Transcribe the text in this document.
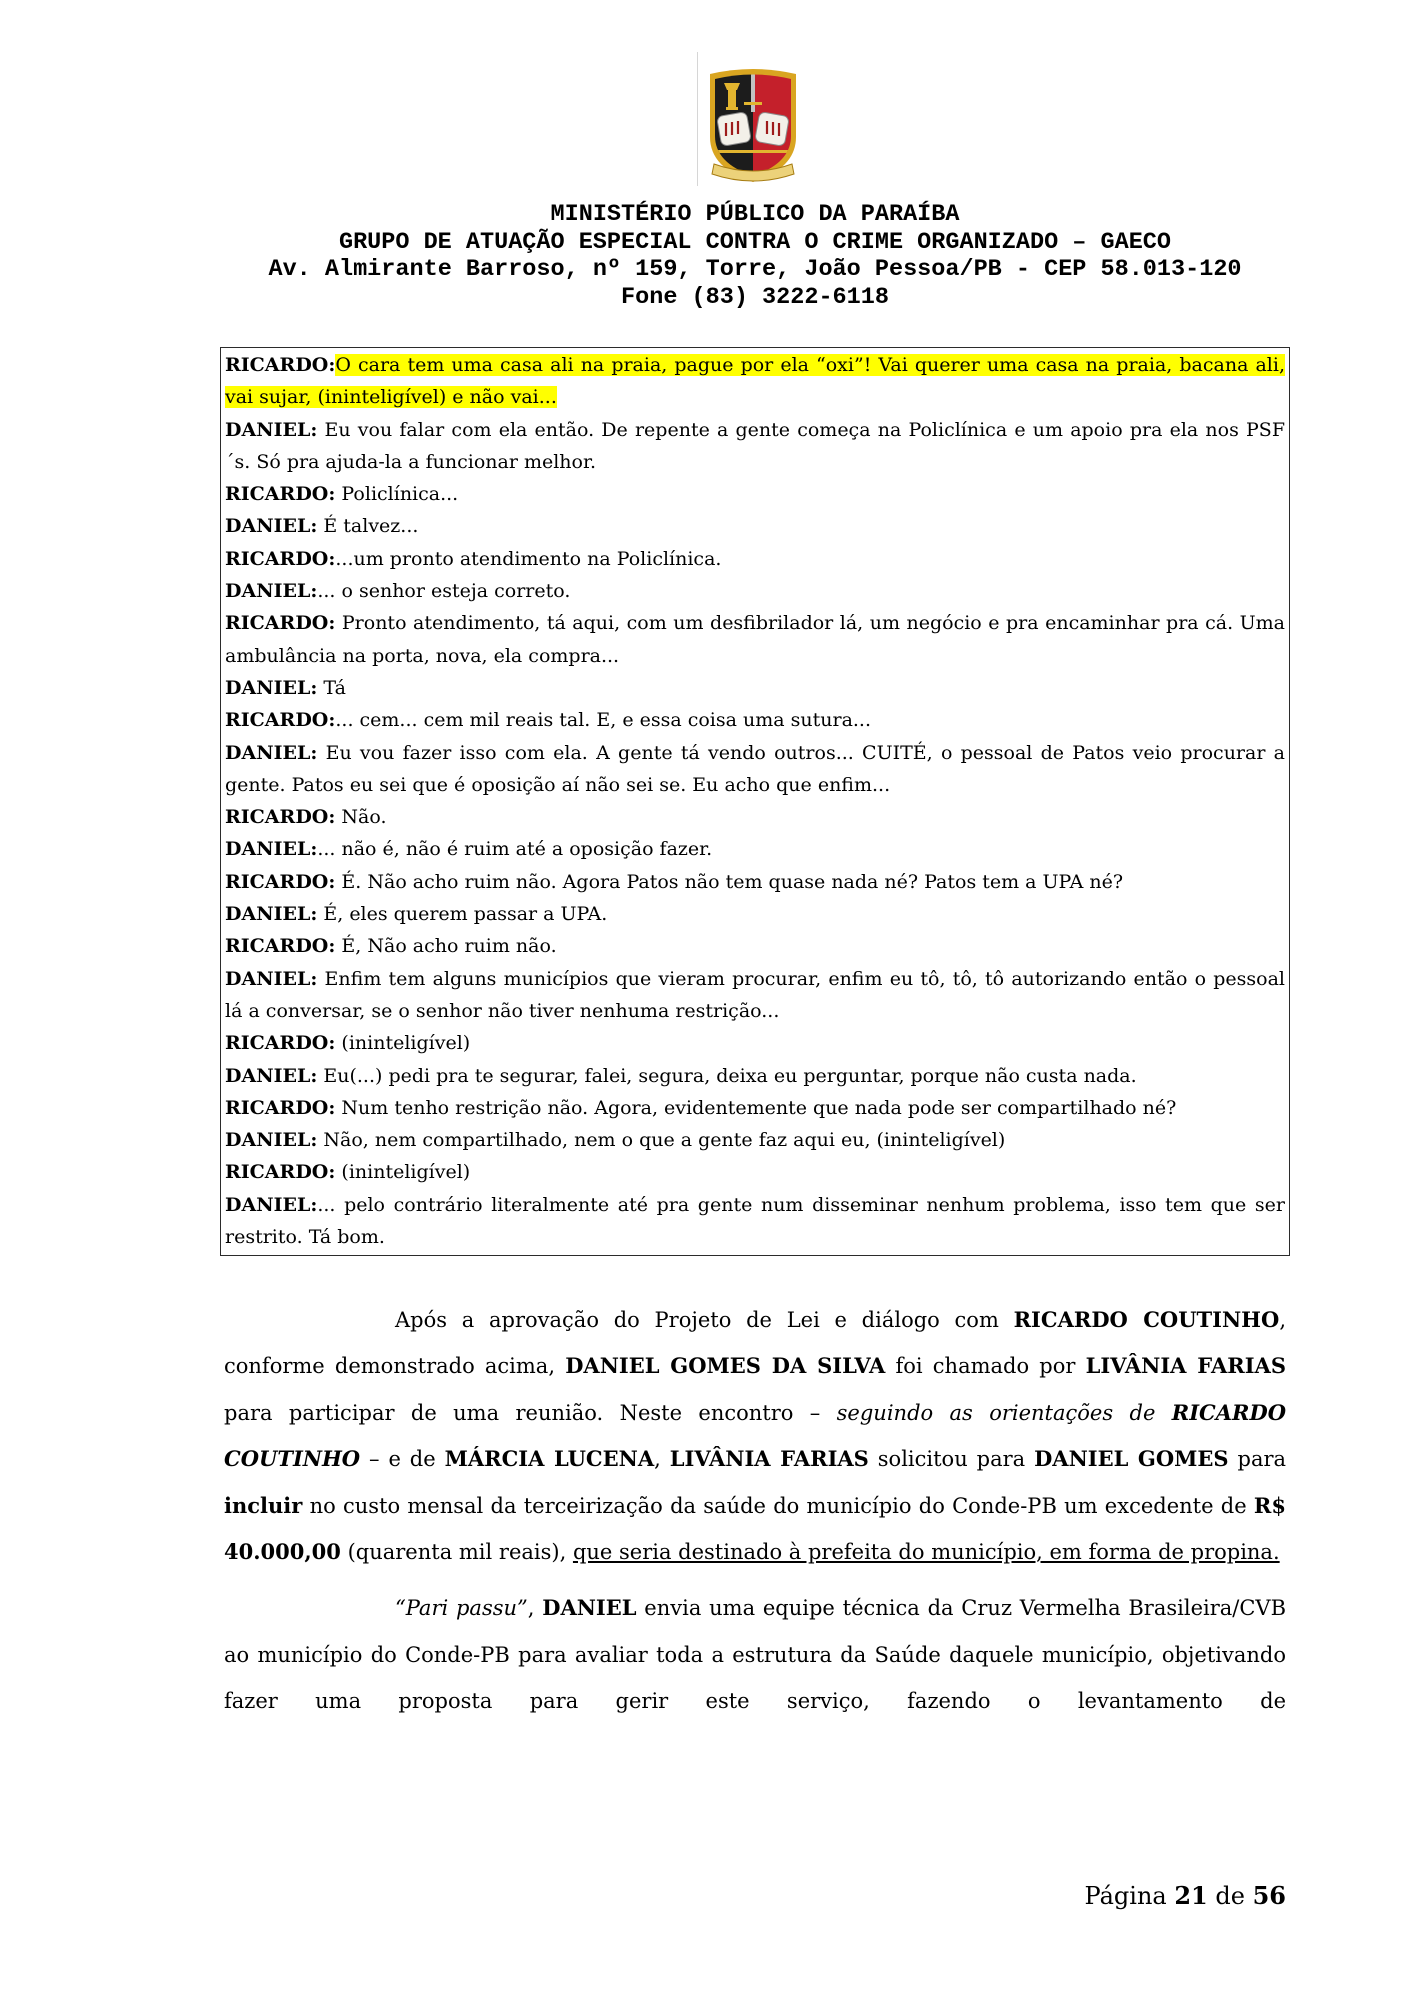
MINISTÉRIO PÚBLICO DA PARAÍBA
GRUPO DE ATUAÇÃO ESPECIAL CONTRA O CRIME ORGANIZADO – GAECO
Av. Almirante Barroso, nº 159, Torre, João Pessoa/PB - CEP 58.013-120
Fone (83) 3222-6118

RICARDO:O cara tem uma casa ali na praia, pague por ela “oxi”! Vai querer uma casa na praia, bacana ali, vai sujar, (ininteligível) e não vai...

DANIEL: Eu vou falar com ela então. De repente a gente começa na Policlínica e um apoio pra ela nos PSF´s. Só pra ajuda-la a funcionar melhor.

RICARDO: Policlínica...

DANIEL: É talvez...

RICARDO:...um pronto atendimento na Policlínica.

DANIEL:... o senhor esteja correto.

RICARDO: Pronto atendimento, tá aqui, com um desfibrilador lá, um negócio e pra encaminhar pra cá. Uma ambulância na porta, nova, ela compra...

DANIEL: Tá

RICARDO:... cem... cem mil reais tal. E, e essa coisa uma sutura...

DANIEL: Eu vou fazer isso com ela. A gente tá vendo outros... CUITÉ, o pessoal de Patos veio procurar a gente. Patos eu sei que é oposição aí não sei se. Eu acho que enfim...

RICARDO: Não.

DANIEL:... não é, não é ruim até a oposição fazer.

RICARDO: É. Não acho ruim não. Agora Patos não tem quase nada né? Patos tem a UPA né?

DANIEL: É, eles querem passar a UPA.

RICARDO: É, Não acho ruim não.

DANIEL: Enfim tem alguns municípios que vieram procurar, enfim eu tô, tô, tô autorizando então o pessoal lá a conversar, se o senhor não tiver nenhuma restrição...

RICARDO: (ininteligível)

DANIEL: Eu(...) pedi pra te segurar, falei, segura, deixa eu perguntar, porque não custa nada.

RICARDO: Num tenho restrição não. Agora, evidentemente que nada pode ser compartilhado né?

DANIEL: Não, nem compartilhado, nem o que a gente faz aqui eu, (ininteligível)

RICARDO: (ininteligível)

DANIEL:... pelo contrário literalmente até pra gente num disseminar nenhum problema, isso tem que ser restrito. Tá bom.

Após a aprovação do Projeto de Lei e diálogo com RICARDO COUTINHO, conforme demonstrado acima, DANIEL GOMES DA SILVA foi chamado por LIVÂNIA FARIAS para participar de uma reunião. Neste encontro – seguindo as orientações de RICARDO COUTINHO – e de MÁRCIA LUCENA, LIVÂNIA FARIAS solicitou para DANIEL GOMES para incluir no custo mensal da terceirização da saúde do município do Conde-PB um excedente de R$ 40.000,00 (quarenta mil reais), que seria destinado à prefeita do município, em forma de propina.

“Pari passu”, DANIEL envia uma equipe técnica da Cruz Vermelha Brasileira/CVB ao município do Conde-PB para avaliar toda a estrutura da Saúde daquele município, objetivando fazer uma proposta para gerir este serviço, fazendo o levantamento de

Página 21 de 56
